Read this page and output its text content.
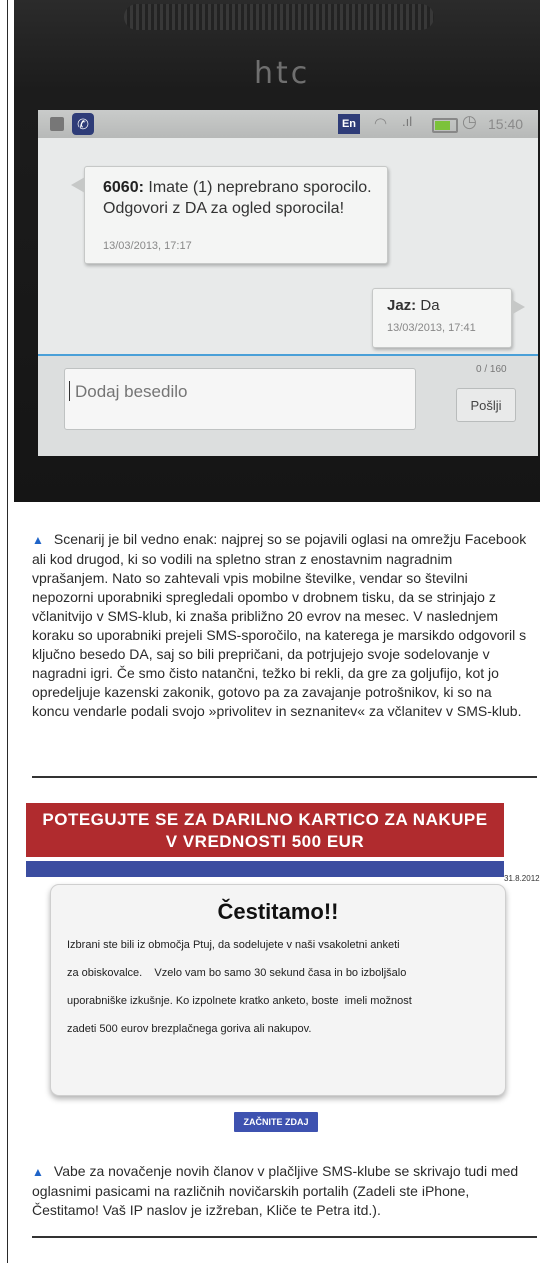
htc
✆	En ◠ .ıl	◷ 15:40
6060: Imate (1) neprebrano sporocilo. Odgovori z DA za ogled sporocila!
13/03/2013, 17:17
Jaz: Da
13/03/2013, 17:41
Dodaj besedilo
0 / 160
Pošlji
▲ Scenarij je bil vedno enak: najprej so se pojavili oglasi na omrežju Facebook ali kod drugod, ki so vodili na spletno stran z enostavnim nagradnim vprašanjem. Nato so zahtevali vpis mobilne številke, vendar so številni nepozorni uporabniki spregledali opombo v drobnem tisku, da se strinjajo z včlanitvijo v SMS-klub, ki znaša približno 20 evrov na mesec. V naslednjem koraku so uporabniki prejeli SMS-sporočilo, na katerega je marsikdo odgovoril s ključno besedo DA, saj so bili prepričani, da potrjujejo svoje sodelovanje v nagradni igri. Če smo čisto natančni, težko bi rekli, da gre za goljufijo, kot jo opredeljuje kazenski zakonik, gotovo pa za zavajanje potrošnikov, ki so na koncu vendarle podali svojo »privolitev in seznanitev« za včlanitev v SMS-klub.
POTEGUJTE SE ZA DARILNO KARTICO ZA NAKUPE
V VREDNOSTI 500 EUR
31.8.2012
Čestitamo!!
Izbrani ste bili iz območja Ptuj, da sodelujete v naši vsakoletni anketi
za obiskovalce.    Vzelo vam bo samo 30 sekund časa in bo izboljšalo
uporabniške izkušnje. Ko izpolnete kratko anketo, boste  imeli možnost
zadeti 500 eurov brezplačnega goriva ali nakupov.
ZAČNITE ZDAJ
▲ Vabe za novačenje novih članov v plačljive SMS-klube se skrivajo tudi med oglasnimi pasicami na različnih novičarskih portalih (Zadeli ste iPhone, Čestitamo! Vaš IP naslov je izžreban, Kliče te Petra itd.).
